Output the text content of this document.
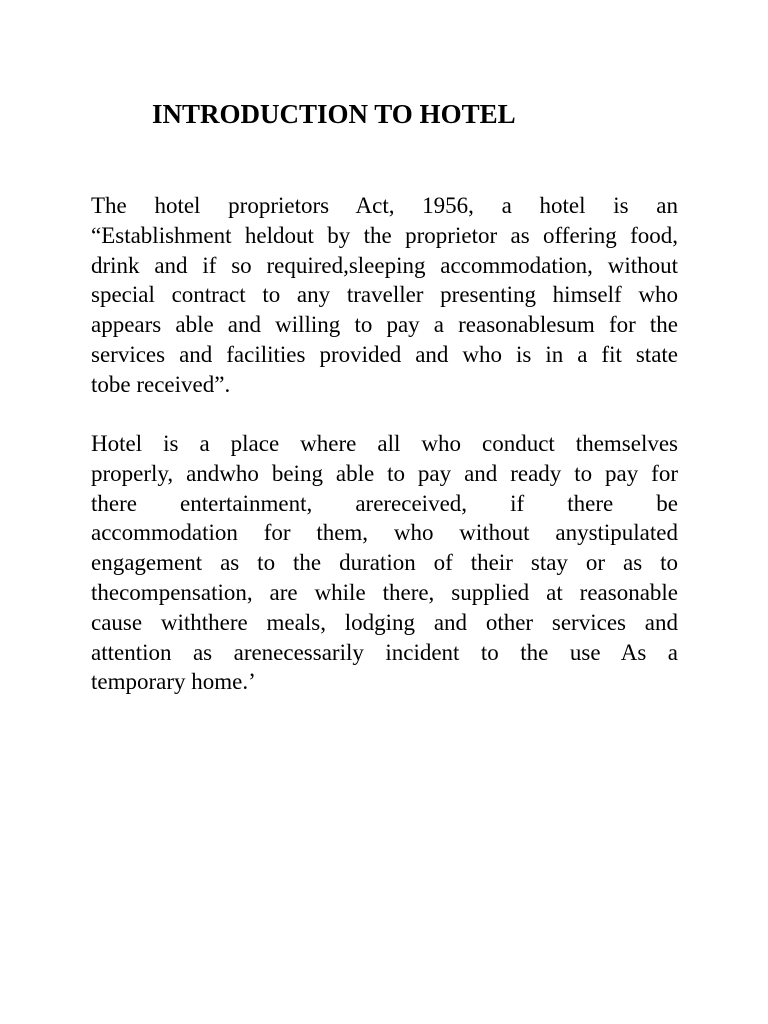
INTRODUCTION TO HOTEL
The hotel proprietors Act, 1956, a hotel is an
“Establishment heldout by the proprietor as offering food,
drink and if so required,sleeping accommodation, without
special contract to any traveller presenting himself who
appears able and willing to pay a reasonablesum for the
services and facilities provided and who is in a fit state
tobe received”.
Hotel is a place where all who conduct themselves
properly, andwho being able to pay and ready to pay for
there entertainment, arereceived, if there be
accommodation for them, who without anystipulated
engagement as to the duration of their stay or as to
thecompensation, are while there, supplied at reasonable
cause withthere meals, lodging and other services and
attention as arenecessarily incident to the use As a
temporary home.’
